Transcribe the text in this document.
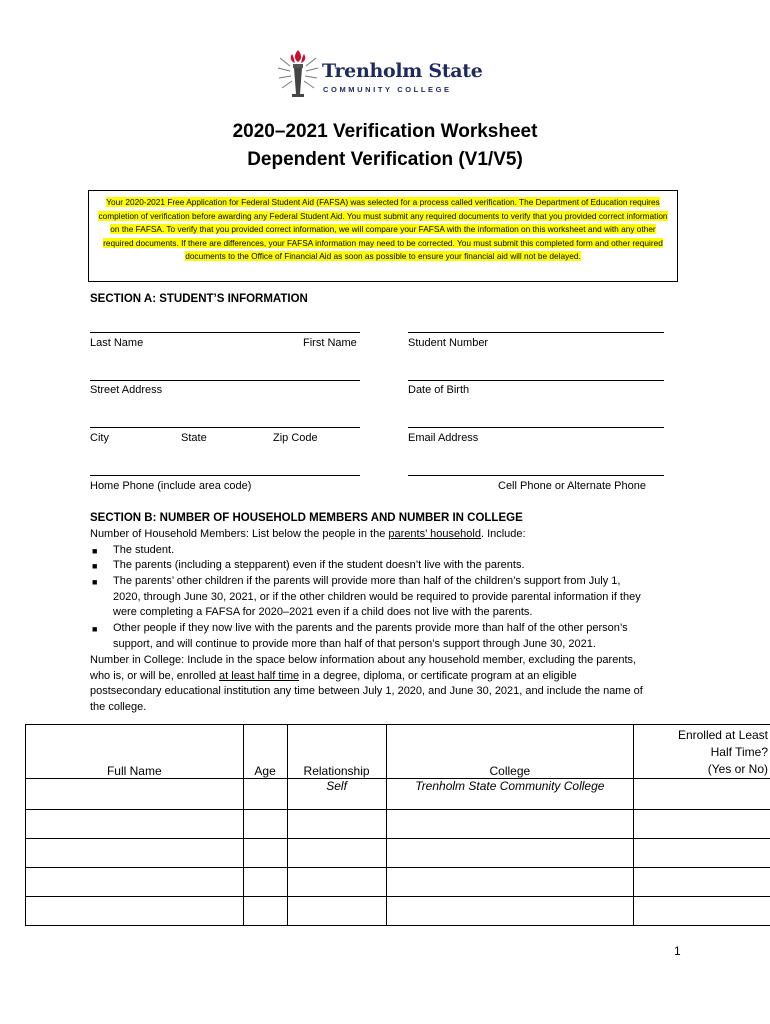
Trenholm State
COMMUNITY COLLEGE
2020–2021 Verification Worksheet
Dependent Verification (V1/V5)
Your 2020-2021 Free Application for Federal Student Aid (FAFSA) was selected for a process called verification. The Department of Education requires completion of verification before awarding any Federal Student Aid. You must submit any required documents to verify that you provided correct information on the FAFSA. To verify that you provided correct information, we will compare your FAFSA with the information on this worksheet and with any other required documents. If there are differences, your FAFSA information may need to be corrected. You must submit this completed form and other required documents to the Office of Financial Aid as soon as possible to ensure your financial aid will not be delayed.
SECTION A: STUDENT’S INFORMATION
Last Name	First Name	Student Number
Street Address	Date of Birth
City	State	Zip Code	Email Address
Home Phone (include area code)	Cell Phone or Alternate Phone
SECTION B: NUMBER OF HOUSEHOLD MEMBERS AND NUMBER IN COLLEGE
Number of Household Members: List below the people in the parents’ household. Include:
■ The student.
■ The parents (including a stepparent) even if the student doesn’t live with the parents.
■ The parents’ other children if the parents will provide more than half of the children’s support from July 1,
2020, through June 30, 2021, or if the other children would be required to provide parental information if they
were completing a FAFSA for 2020–2021 even if a child does not live with the parents.
■ Other people if they now live with the parents and the parents provide more than half of the other person’s
support, and will continue to provide more than half of that person’s support through June 30, 2021.
Number in College: Include in the space below information about any household member, excluding the parents,
who is, or will be, enrolled at least half time in a degree, diploma, or certificate program at an eligible
postsecondary educational institution any time between July 1, 2020, and June 30, 2021, and include the name of
the college.
Full Name	Age	Relationship	College	Enrolled at Least
Half Time?
(Yes or No)

		Self	Trenholm State Community College	

1
